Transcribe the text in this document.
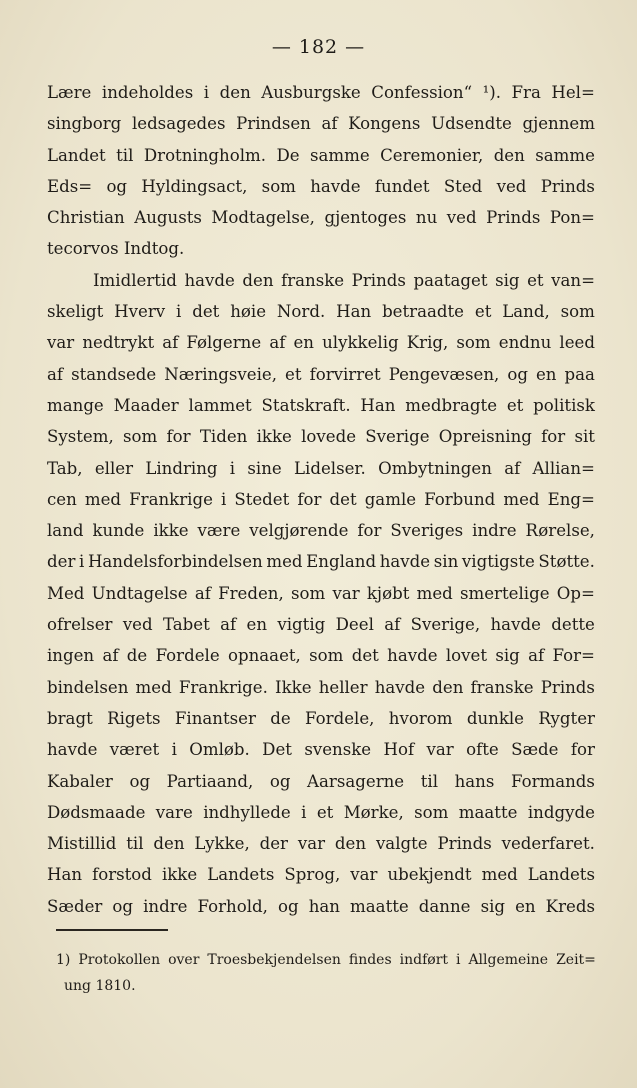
— 182 —
Lære indeholdes i den Ausburgske Confession“ ¹). Fra Hel=
singborg ledsagedes Prindsen af Kongens Udsendte gjennem
Landet til Drotningholm. De samme Ceremonier, den samme
Eds= og Hyldingsact, som havde fundet Sted ved Prinds
Christian Augusts Modtagelse, gjentoges nu ved Prinds Pon=
tecorvos Indtog.
Imidlertid havde den franske Prinds paataget sig et van=
skeligt Hverv i det høie Nord. Han betraadte et Land, som
var nedtrykt af Følgerne af en ulykkelig Krig, som endnu leed
af standsede Næringsveie, et forvirret Pengevæsen, og en paa
mange Maader lammet Statskraft. Han medbragte et politisk
System, som for Tiden ikke lovede Sverige Opreisning for sit
Tab, eller Lindring i sine Lidelser. Ombytningen af Allian=
cen med Frankrige i Stedet for det gamle Forbund med Eng=
land kunde ikke være velgjørende for Sveriges indre Rørelse,
der i Handelsforbindelsen med England havde sin vigtigste Støtte.
Med Undtagelse af Freden, som var kjøbt med smertelige Op=
ofrelser ved Tabet af en vigtig Deel af Sverige, havde dette
ingen af de Fordele opnaaet, som det havde lovet sig af For=
bindelsen med Frankrige. Ikke heller havde den franske Prinds
bragt Rigets Finantser de Fordele, hvorom dunkle Rygter
havde været i Omløb. Det svenske Hof var ofte Sæde for
Kabaler og Partiaand, og Aarsagerne til hans Formands
Dødsmaade vare indhyllede i et Mørke, som maatte indgyde
Mistillid til den Lykke, der var den valgte Prinds vederfaret.
Han forstod ikke Landets Sprog, var ubekjendt med Landets
Sæder og indre Forhold, og han maatte danne sig en Kreds
1) Protokollen over Troesbekjendelsen findes indført i Allgemeine Zeit=
ung 1810.
